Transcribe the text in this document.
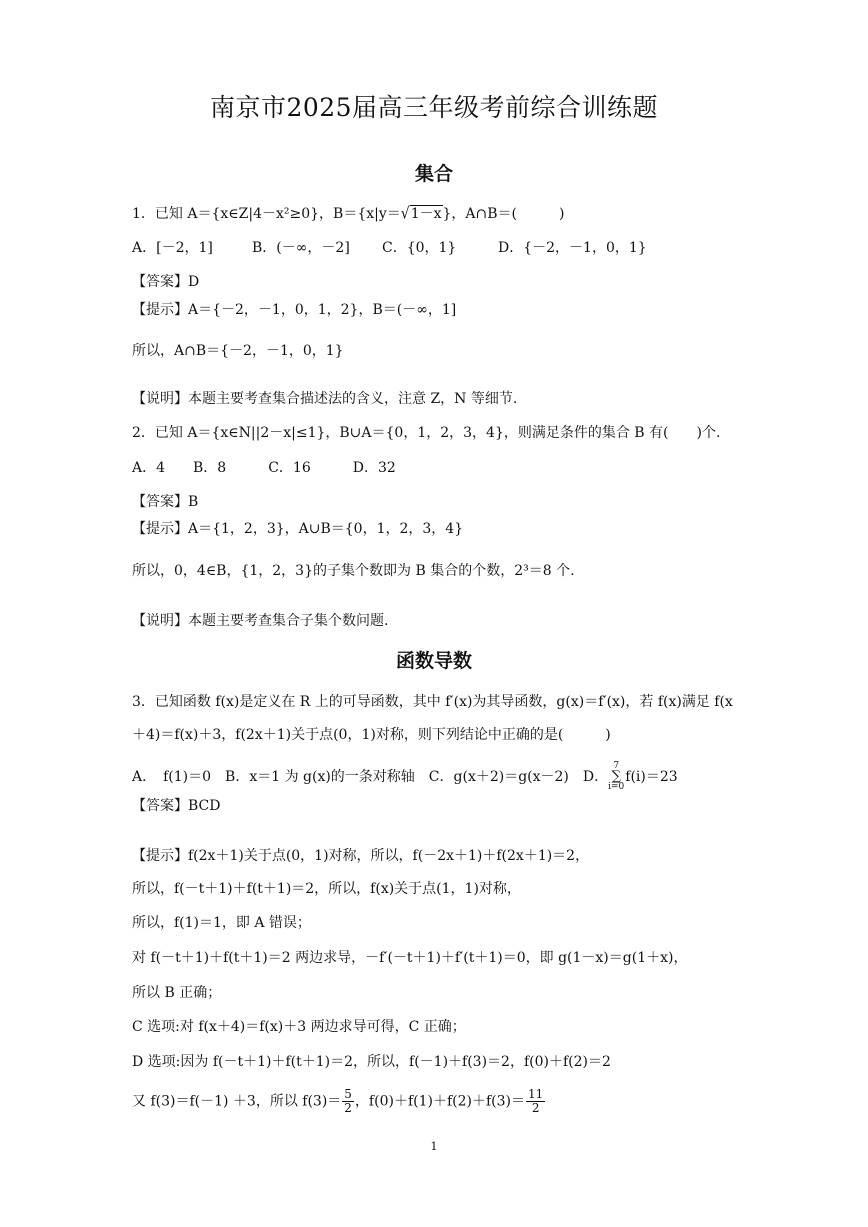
南京市2025届高三年级考前综合训练题
集合
1．已知 A＝{x∈Z|4－x²≥0}，B＝{x|y＝√1－x}，A∩B＝(　　　)
A．[－2，1]	B．(－∞，－2] C．{0，1}	D．{－2，－1，0，1}
【答案】D
【提示】A＝{－2，－1，0，1，2}，B＝(－∞，1]
所以，A∩B＝{－2，－1，0，1}
【说明】本题主要考查集合描述法的含义，注意 Z，N 等细节.
2．已知 A＝{x∈N||2－x|≤1}，B∪A＝{0，1，2，3，4}，则满足条件的集合 B 有(　　)个.
A．4　　B．8　　　C．16　　　D．32
【答案】B
【提示】A＝{1，2，3}，A∪B＝{0，1，2，3，4}
所以，0，4∈B，{1，2，3}的子集个数即为 B 集合的个数，2³＝8 个.
【说明】本题主要考查集合子集个数问题.
函数导数
3．已知函数 f(x)是定义在 R 上的可导函数，其中 f′(x)为其导函数，g(x)＝f′(x)，若 f(x)满足 f(x
＋4)＝f(x)＋3，f(2x＋1)关于点(0，1)对称，则下列结论中正确的是(　　　)
A．　f(1)＝0　B．x＝1 为 g(x)的一条对称轴　C．g(x＋2)＝g(x－2)　D．
7
∑
i=0
f(i)＝23
【答案】BCD
【提示】f(2x＋1)关于点(0，1)对称，所以，f(－2x＋1)＋f(2x＋1)＝2，
所以，f(－t＋1)＋f(t＋1)＝2，所以，f(x)关于点(1，1)对称，
所以，f(1)＝1，即 A 错误；
对 f(－t＋1)＋f(t＋1)＝2 两边求导，－f′(－t＋1)＋f′(t＋1)＝0，即 g(1－x)＝g(1＋x)，
所以 B 正确；
C 选项:对 f(x＋4)＝f(x)＋3 两边求导可得，C 正确；
D 选项:因为 f(－t＋1)＋f(t＋1)＝2，所以，f(－1)＋f(3)＝2，f(0)＋f(2)＝2
又 f(3)＝f(－1) ＋3，所以 $f(3)= \frac{5}{2}$ ，$f(0)+f(1)+f(2)+f(3)= \frac{11}{2}$
1
